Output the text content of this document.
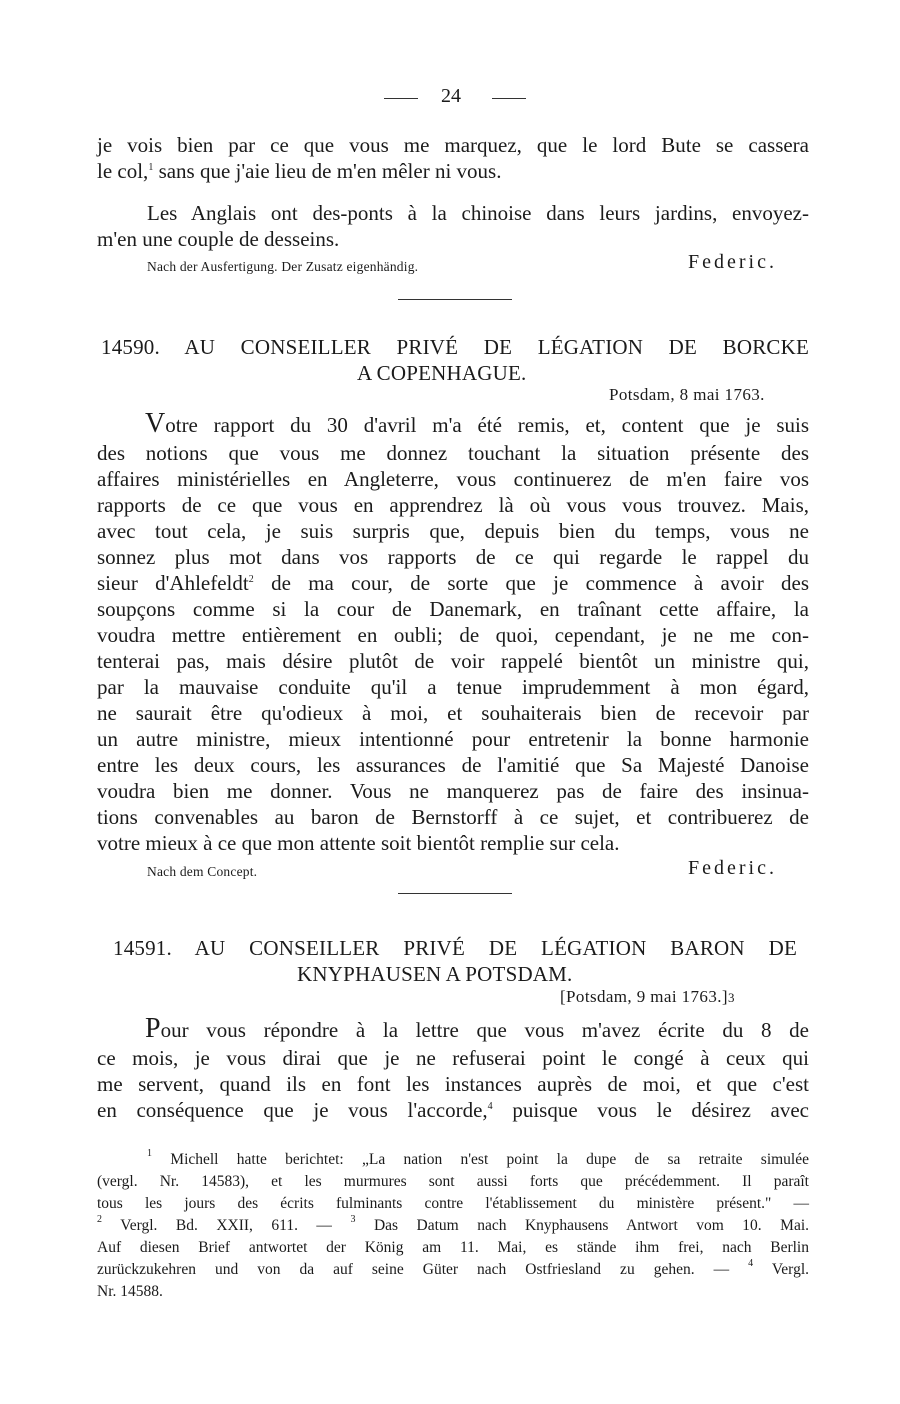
24
je vois bien par ce que vous me marquez, que le lord Bute se cassera
le col,$^1$ sans que j'aie lieu de m'en mêler ni vous.
Les Anglais ont des-ponts à la chinoise dans leurs jardins, envoyez-
m'en une couple de desseins.
Nach der Ausfertigung. Der Zusatz eigenhändig.	Federic.
14590. AU CONSEILLER PRIVÉ DE LÉGATION DE BORCKE
A COPENHAGUE.
Potsdam, 8 mai 1763.
Votre rapport du 30 d'avril m'a été remis, et, content que je suis
des notions que vous me donnez touchant la situation présente des
affaires ministérielles en Angleterre, vous continuerez de m'en faire vos
rapports de ce que vous en apprendrez là où vous vous trouvez. Mais,
avec tout cela, je suis surpris que, depuis bien du temps, vous ne
sonnez plus mot dans vos rapports de ce qui regarde le rappel du
sieur d'Ahlefeldt$^2$ de ma cour, de sorte que je commence à avoir des
soupçons comme si la cour de Danemark, en traînant cette affaire, la
voudra mettre entièrement en oubli; de quoi, cependant, je ne me con-
tenterai pas, mais désire plutôt de voir rappelé bientôt un ministre qui,
par la mauvaise conduite qu'il a tenue imprudemment à mon égard,
ne saurait être qu'odieux à moi, et souhaiterais bien de recevoir par
un autre ministre, mieux intentionné pour entretenir la bonne harmonie
entre les deux cours, les assurances de l'amitié que Sa Majesté Danoise
voudra bien me donner. Vous ne manquerez pas de faire des insinua-
tions convenables au baron de Bernstorff à ce sujet, et contribuerez de
votre mieux à ce que mon attente soit bientôt remplie sur cela.
Nach dem Concept.	Federic.
14591. AU CONSEILLER PRIVÉ DE LÉGATION BARON DE
KNYPHAUSEN A POTSDAM.
[Potsdam, 9 mai 1763.]3
Pour vous répondre à la lettre que vous m'avez écrite du 8 de
ce mois, je vous dirai que je ne refuserai point le congé à ceux qui
me servent, quand ils en font les instances auprès de moi, et que c'est
en conséquence que je vous l'accorde,$^4$ puisque vous le désirez avec
$^1$ Michell hatte berichtet: „La nation n'est point la dupe de sa retraite simulée
(vergl. Nr. 14583), et les murmures sont aussi forts que précédemment. Il paraît
tous les jours des écrits fulminants contre l'établissement du ministère présent." —
$^2$ Vergl. Bd. XXII, 611. — $^3$ Das Datum nach Knyphausens Antwort vom 10. Mai.
Auf diesen Brief antwortet der König am 11. Mai, es stände ihm frei, nach Berlin
zurückzukehren und von da auf seine Güter nach Ostfriesland zu gehen. — $^4$ Vergl.
Nr. 14588.
